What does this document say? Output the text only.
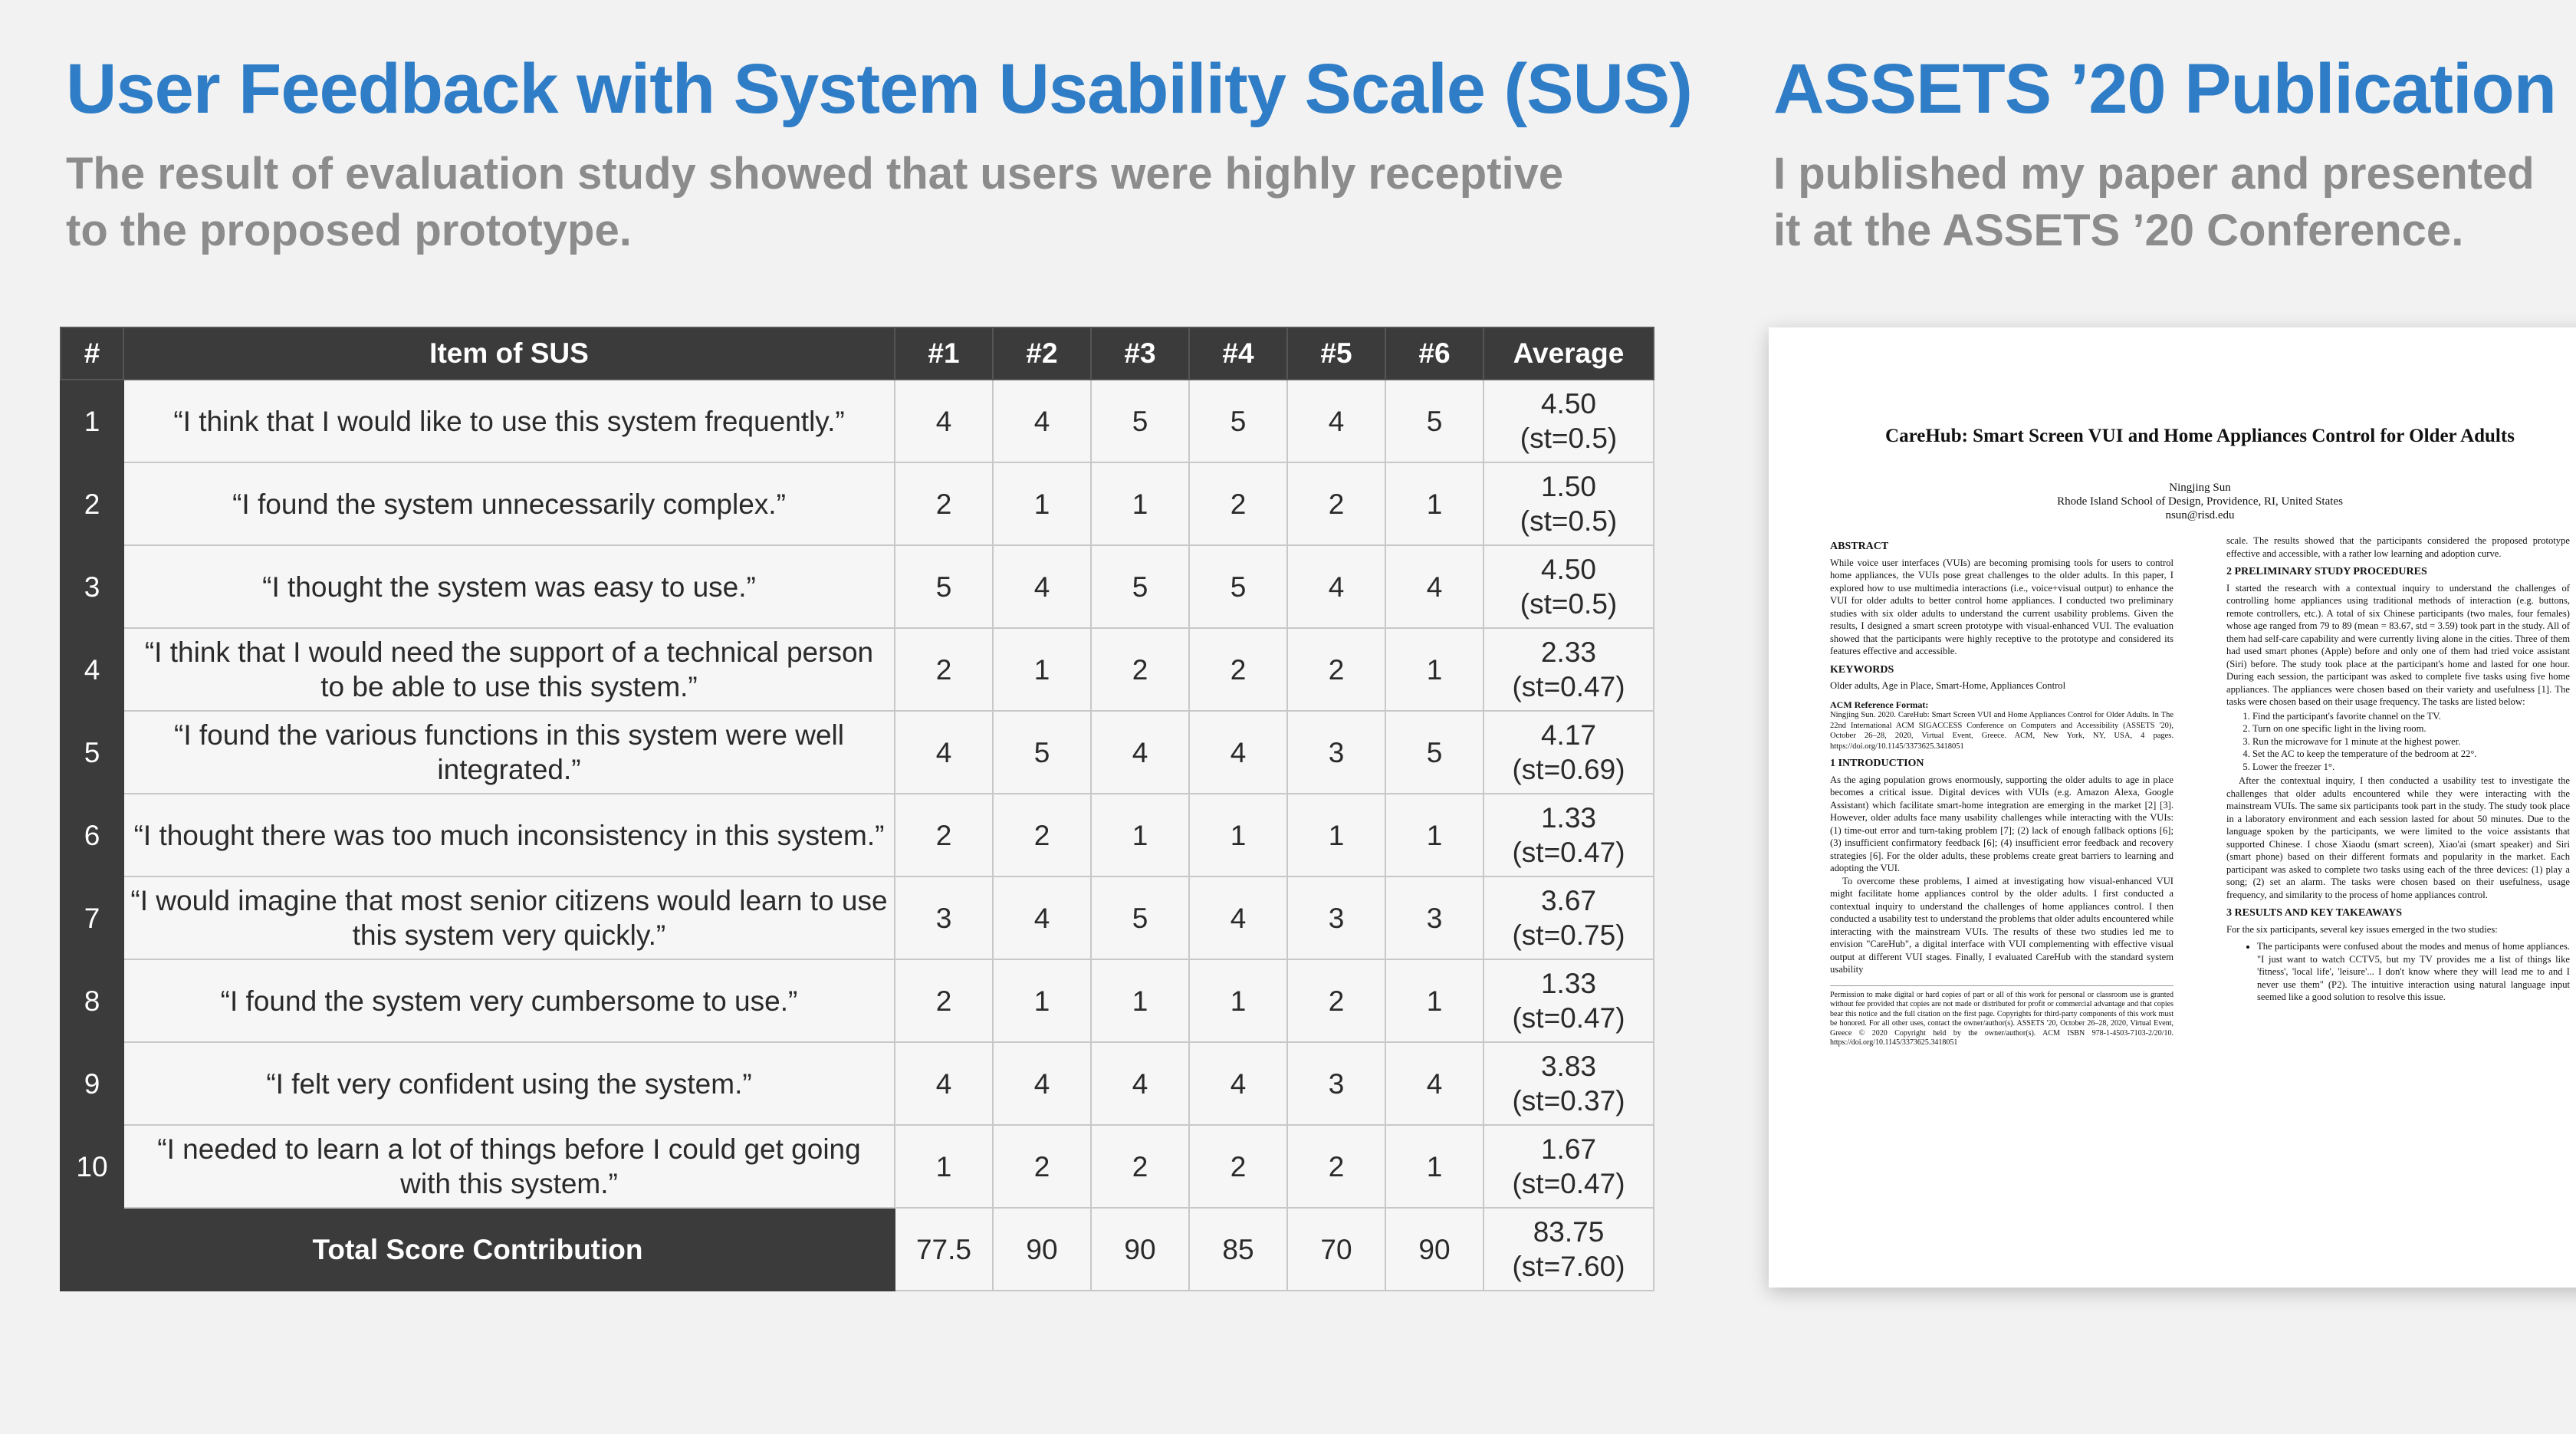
User Feedback with System Usability Scale (SUS)

The result of evaluation study showed that users were highly receptive to the proposed prototype.

ASSETS ’20 Publication

I published my paper and presented it at the ASSETS ’20 Conference.

#	Item of SUS	#1	#2	#3	#4	#5	#6	Average
1	“I think that I would like to use this system frequently.”	4	4	5	5	4	5	4.50
(st=0.5)
2	“I found the system unnecessarily complex.”	2	1	1	2	2	1	1.50
(st=0.5)
3	“I thought the system was easy to use.”	5	4	5	5	4	4	4.50
(st=0.5)
4	“I think that I would need the support of a technical person to be able to use this system.”	2	1	2	2	2	1	2.33
(st=0.47)
5	“I found the various functions in this system were well integrated.”	4	5	4	4	3	5	4.17
(st=0.69)
6	“I thought there was too much inconsistency in this system.”	2	2	1	1	1	1	1.33
(st=0.47)
7	“I would imagine that most senior citizens would learn to use this system very quickly.”	3	4	5	4	3	3	3.67
(st=0.75)
8	“I found the system very cumbersome to use.”	2	1	1	1	2	1	1.33
(st=0.47)
9	“I felt very confident using the system.”	4	4	4	4	3	4	3.83
(st=0.37)
10	“I needed to learn a lot of things before I could get going with this system.”	1	2	2	2	2	1	1.67
(st=0.47)
Total Score Contribution		77.5	90	90	85	70	90	83.75
(st=7.60)
CareHub: Smart Screen VUI and Home Appliances Control for Older Adults
Ningjing Sun
Rhode Island School of Design, Providence, RI, United States
nsun@risd.edu
ABSTRACT

While voice user interfaces (VUIs) are becoming promising tools for users to control home appliances, the VUIs pose great challenges to the older adults. In this paper, I explored how to use multimedia interactions (i.e., voice+visual output) to enhance the VUI for older adults to better control home appliances. I conducted two preliminary studies with six older adults to understand the current usability problems. Given the results, I designed a smart screen prototype with visual-enhanced VUI. The evaluation showed that the participants were highly receptive to the prototype and considered its features effective and accessible.

KEYWORDS

Older adults, Age in Place, Smart-Home, Appliances Control

ACM Reference Format:

Ningjing Sun. 2020. CareHub: Smart Screen VUI and Home Appliances Control for Older Adults. In The 22nd International ACM SIGACCESS Conference on Computers and Accessibility (ASSETS '20), October 26–28, 2020, Virtual Event, Greece. ACM, New York, NY, USA, 4 pages. https://doi.org/10.1145/3373625.3418051

1 INTRODUCTION

As the aging population grows enormously, supporting the older adults to age in place becomes a critical issue. Digital devices with VUIs (e.g. Amazon Alexa, Google Assistant) which facilitate smart-home integration are emerging in the market [2] [3]. However, older adults face many usability challenges while interacting with the VUIs: (1) time-out error and turn-taking problem [7]; (2) lack of enough fallback options [6]; (3) insufficient confirmatory feedback [6]; (4) insufficient error feedback and recovery strategies [6]. For the older adults, these problems create great barriers to learning and adopting the VUI.

To overcome these problems, I aimed at investigating how visual-enhanced VUI might facilitate home appliances control by the older adults. I first conducted a contextual inquiry to understand the challenges of home appliances control. I then conducted a usability test to understand the problems that older adults encountered while interacting with the mainstream VUIs. The results of these two studies led me to envision "CareHub", a digital interface with VUI complementing with effective visual output at different VUI stages. Finally, I evaluated CareHub with the standard system usability

Permission to make digital or hard copies of part or all of this work for personal or classroom use is granted without fee provided that copies are not made or distributed for profit or commercial advantage and that copies bear this notice and the full citation on the first page. Copyrights for third-party components of this work must be honored. For all other uses, contact the owner/author(s). ASSETS '20, October 26–28, 2020, Virtual Event, Greece © 2020 Copyright held by the owner/author(s). ACM ISBN 978-1-4503-7103-2/20/10. https://doi.org/10.1145/3373625.3418051

scale. The results showed that the participants considered the proposed prototype effective and accessible, with a rather low learning and adoption curve.

2 PRELIMINARY STUDY PROCEDURES

I started the research with a contextual inquiry to understand the challenges of controlling home appliances using traditional methods of interaction (e.g. buttons, remote controllers, etc.). A total of six Chinese participants (two males, four females) whose age ranged from 79 to 89 (mean = 83.67, std = 3.59) took part in the study. All of them had self-care capability and were currently living alone in the cities. Three of them had used smart phones (Apple) before and only one of them had tried voice assistant (Siri) before. The study took place at the participant's home and lasted for one hour. During each session, the participant was asked to complete five tasks using five home appliances. The appliances were chosen based on their variety and usefulness [1]. The tasks were chosen based on their usage frequency. The tasks are listed below:

1. Find the participant's favorite channel on the TV.
2. Turn on one specific light in the living room.
3. Run the microwave for 1 minute at the highest power.
4. Set the AC to keep the temperature of the bedroom at 22°.
5. Lower the freezer 1°.

After the contextual inquiry, I then conducted a usability test to investigate the challenges that older adults encountered while they were interacting with the mainstream VUIs. The same six participants took part in the study. The study took place in a laboratory environment and each session lasted for about 50 minutes. Due to the language spoken by the participants, we were limited to the voice assistants that supported Chinese. I chose Xiaodu (smart screen), Xiao'ai (smart speaker) and Siri (smart phone) based on their different formats and popularity in the market. Each participant was asked to complete two tasks using each of the three devices: (1) play a song; (2) set an alarm. The tasks were chosen based on their usefulness, usage frequency, and similarity to the process of home appliances control.

3 RESULTS AND KEY TAKEAWAYS

For the six participants, several key issues emerged in the two studies:

• The participants were confused about the modes and menus of home appliances. "I just want to watch CCTV5, but my TV provides me a list of things like 'fitness', 'local life', 'leisure'... I don't know where they will lead me to and I never use them" (P2). The intuitive interaction using natural language input seemed like a good solution to resolve this issue.
